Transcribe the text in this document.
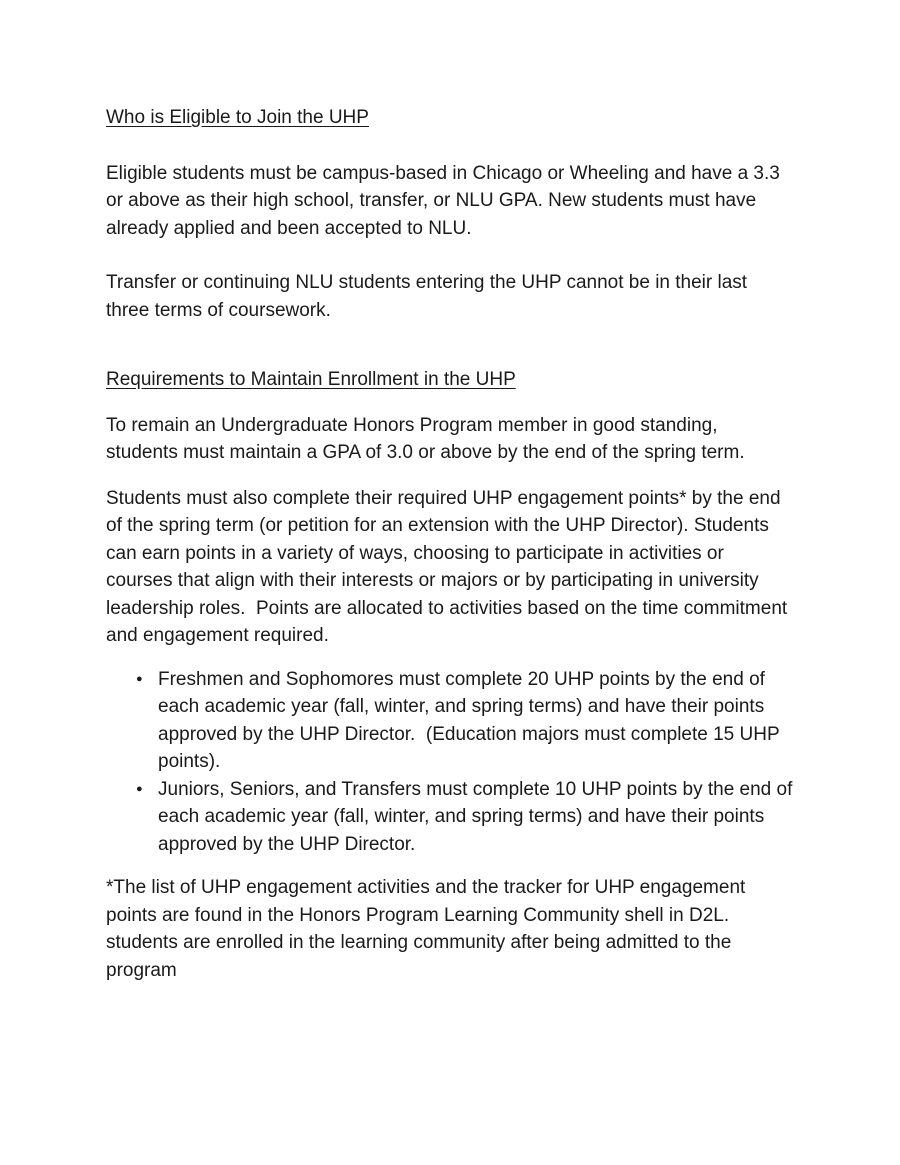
Who is Eligible to Join the UHP

Eligible students must be campus-based in Chicago or Wheeling and have a 3.3 or above as their high school, transfer, or NLU GPA. New students must have already applied and been accepted to NLU.

Transfer or continuing NLU students entering the UHP cannot be in their last three terms of coursework.

Requirements to Maintain Enrollment in the UHP

To remain an Undergraduate Honors Program member in good standing, students must maintain a GPA of 3.0 or above by the end of the spring term.

Students must also complete their required UHP engagement points* by the end of the spring term (or petition for an extension with the UHP Director). Students can earn points in a variety of ways, choosing to participate in activities or courses that align with their interests or majors or by participating in university leadership roles.  Points are allocated to activities based on the time commitment and engagement required.

● Freshmen and Sophomores must complete 20 UHP points by the end of each academic year (fall, winter, and spring terms) and have their points approved by the UHP Director.  (Education majors must complete 15 UHP points).
● Juniors, Seniors, and Transfers must complete 10 UHP points by the end of each academic year (fall, winter, and spring terms) and have their points approved by the UHP Director.

*The list of UHP engagement activities and the tracker for UHP engagement points are found in the Honors Program Learning Community shell in D2L.  students are enrolled in the learning community after being admitted to the program
